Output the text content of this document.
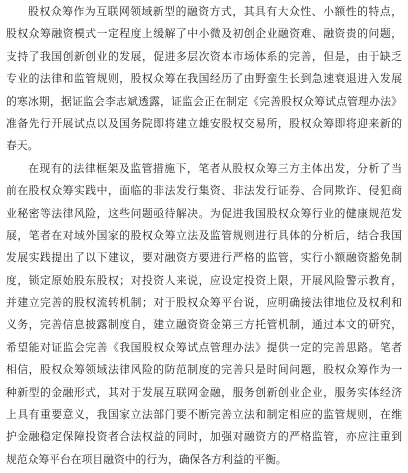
股权众筹作为互联网领域新型的融资方式，其具有大众性、小额性的特点，
股权众筹融资模式一定程度上缓解了中小微及初创企业融资难、融资贵的问题，
支持了我国创新创业的发展，促进多层次资本市场体系的完善，但是，由于缺乏
专业的法律和监管规则，股权众筹在我国经历了由野蛮生长到急速衰退进入发展
的寒冰期，据证监会李志斌透露，证监会正在制定《完善股权众筹试点管理办法》
准备先行开展试点以及国务院即将建立雄安股权交易所，股权众筹即将迎来新的
春天。
在现有的法律框架及监管措施下，笔者从股权众筹三方主体出发，分析了当
前在股权众筹实践中，面临的非法发行集资、非法发行证券、合同欺诈、侵犯商
业秘密等法律风险，这些问题亟待解决。为促进我国股权众筹行业的健康规范发
展，笔者在对域外国家的股权众筹立法及监管规则进行具体的分析后，结合我国
发展实践提出了以下建议，要对融资方要进行严格的监管，实行小额融资豁免制
度，锁定原始股东股权；对投资人来说，应设定投资上限，开展风险警示教育，
并建立完善的股权流转机制；对于股权众筹平台说，应明确接法律地位及权利和
义务，完善信息披露制度自，建立融资资金第三方托管机制，通过本文的研究，
希望能对证监会完善《我国股权众筹试点管理办法》提供一定的完善思路。笔者
相信，股权众筹领域法律风险的防范制度的完善只是时间问题，股权众筹作为一
种新型的金融形式，其对于发展互联网金融，服务创新创业企业，服务实体经济
上具有重要意义，我国家立法部门要不断完善立法和制定相应的监管规则，在维
护金融稳定保障投资者合法权益的同时，加强对融资方的严格监管，亦应注重到
规范众筹平台在项目融资中的行为，确保各方利益的平衡。
